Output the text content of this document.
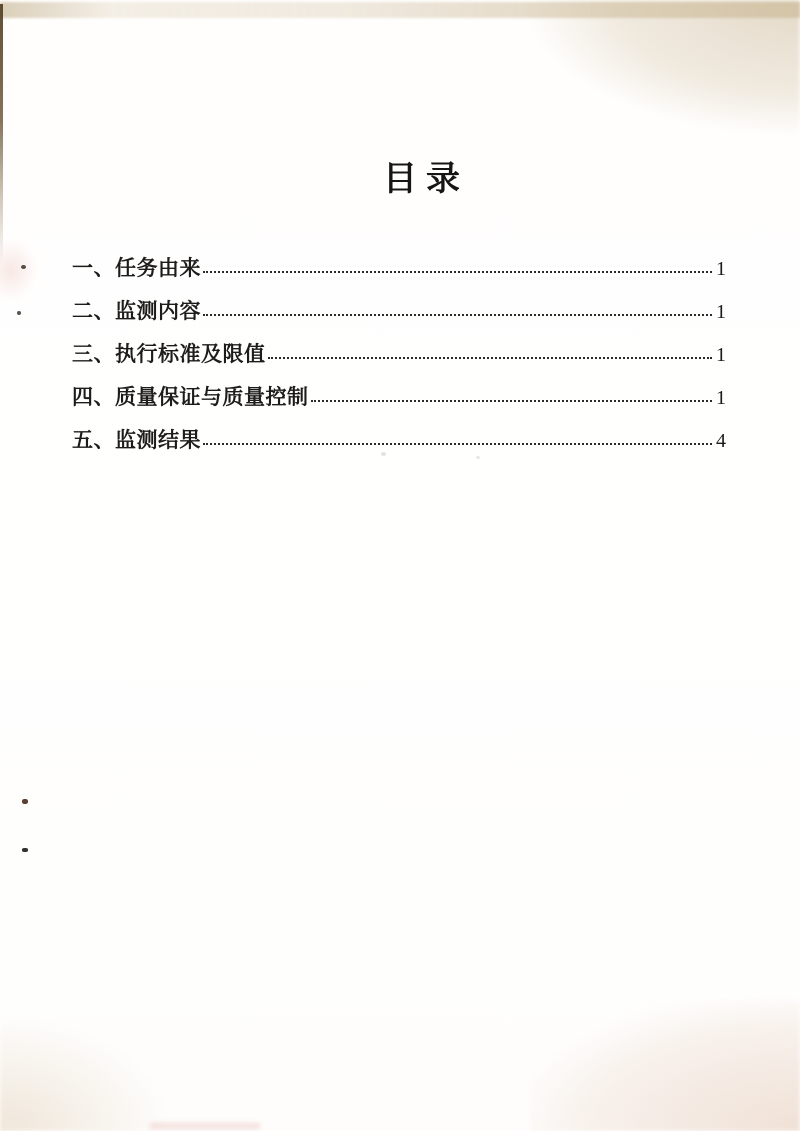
目录
一、任务由来	1
二、监测内容	1
三、执行标准及限值	1
四、质量保证与质量控制	1
五、监测结果	4
